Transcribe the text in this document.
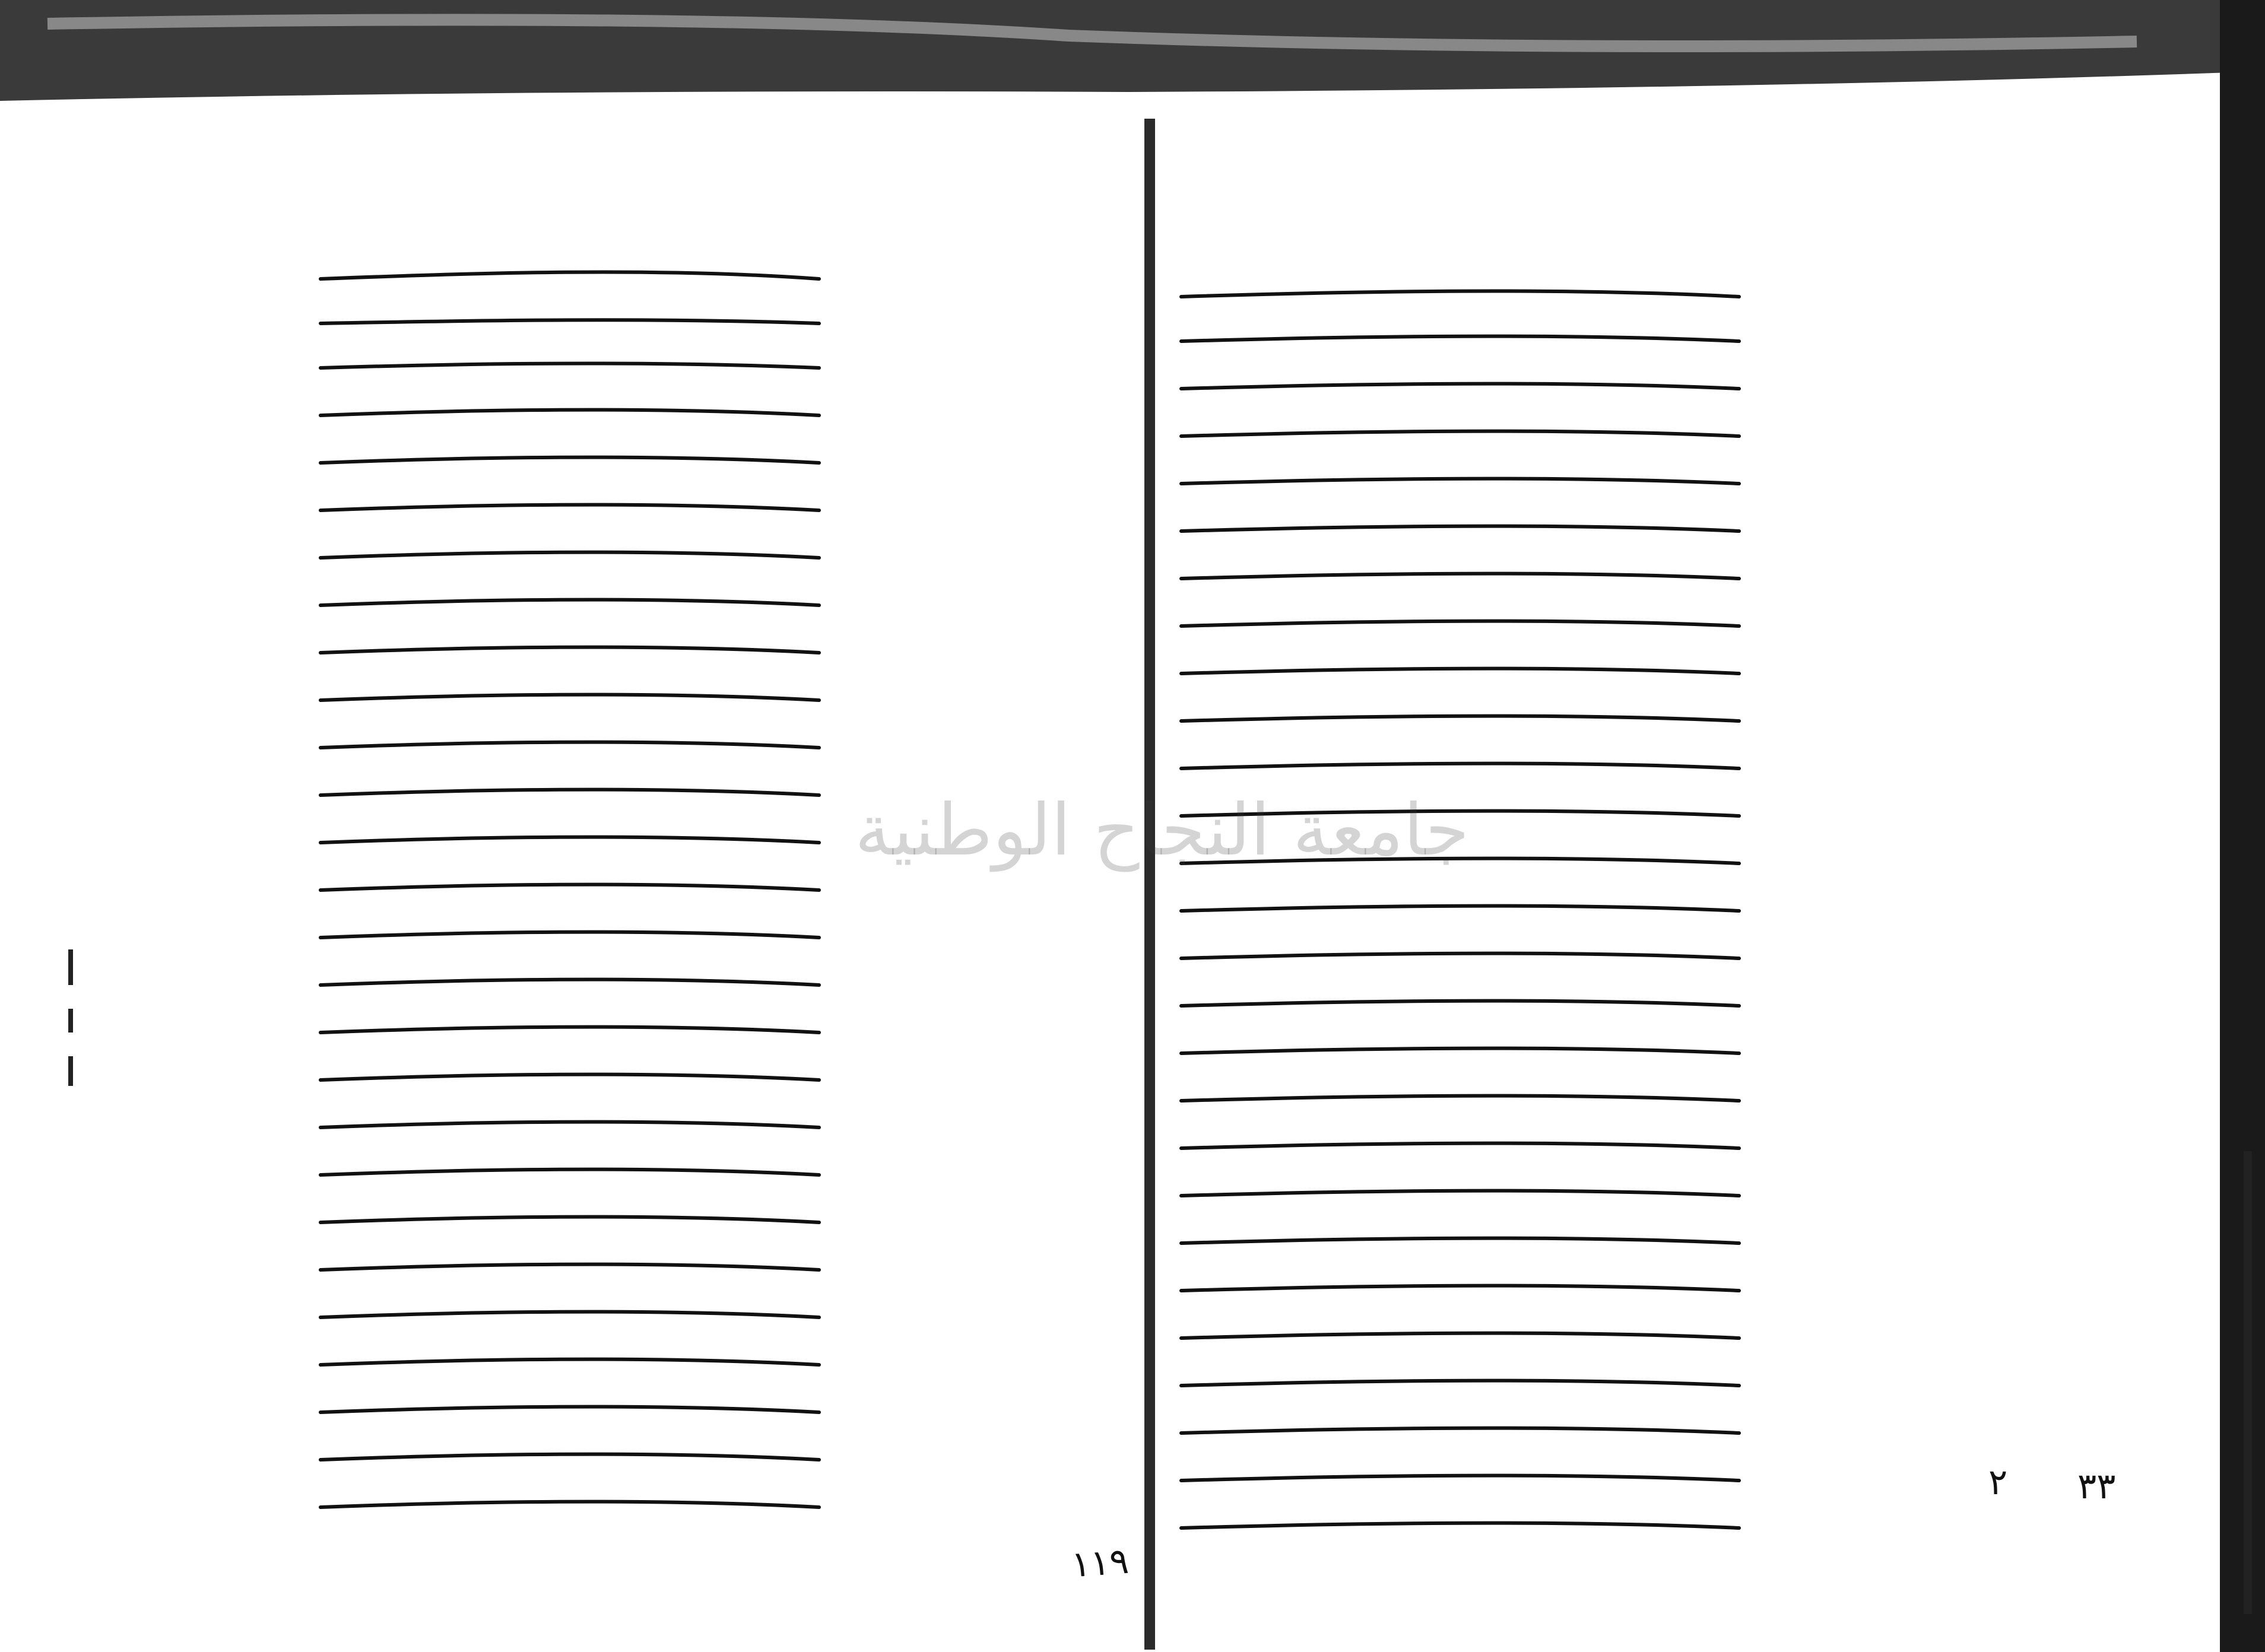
جامعة النجاح الوطنية
١١٩
٣٣
٢
